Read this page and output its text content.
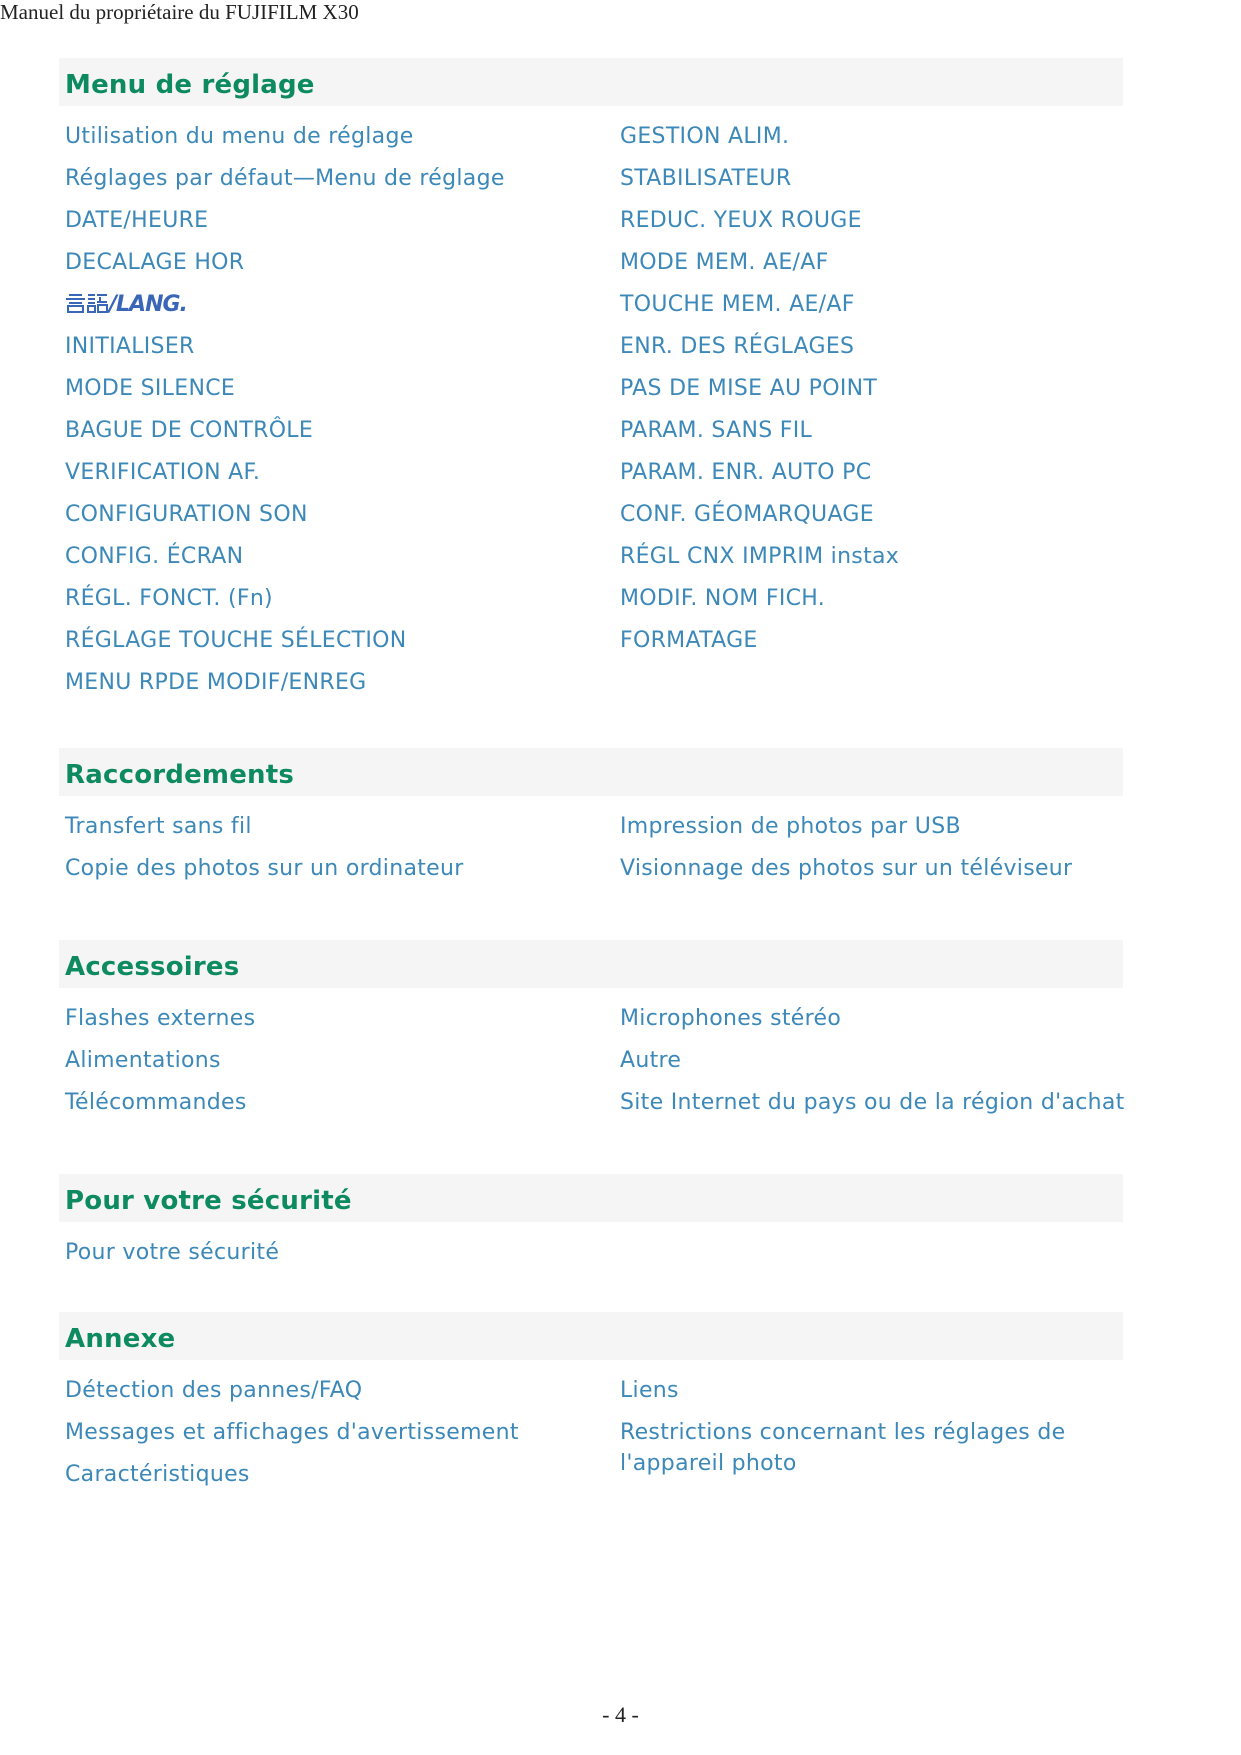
Manuel du propriétaire du FUJIFILM X30
Menu de réglage
Utilisation du menu de réglage
Réglages par défaut—Menu de réglage
DATE/HEURE
DECALAGE HOR
/LANG.
INITIALISER
MODE SILENCE
BAGUE DE CONTRÔLE
VERIFICATION AF.
CONFIGURATION SON
CONFIG. ÉCRAN
RÉGL. FONCT. (Fn)
RÉGLAGE TOUCHE SÉLECTION
MENU RPDE MODIF/ENREG
GESTION ALIM.
STABILISATEUR
REDUC. YEUX ROUGE
MODE MEM. AE/AF
TOUCHE MEM. AE/AF
ENR. DES RÉGLAGES
PAS DE MISE AU POINT
PARAM. SANS FIL
PARAM. ENR. AUTO PC
CONF. GÉOMARQUAGE
RÉGL CNX IMPRIM instax
MODIF. NOM FICH.
FORMATAGE
Raccordements
Transfert sans fil
Copie des photos sur un ordinateur
Impression de photos par USB
Visionnage des photos sur un téléviseur
Accessoires
Flashes externes
Alimentations
Télécommandes
Microphones stéréo
Autre
Site Internet du pays ou de la région d'achat
Pour votre sécurité
Pour votre sécurité
Annexe
Détection des pannes/FAQ
Messages et affichages d'avertissement
Caractéristiques
Liens
Restrictions concernant les réglages de l'appareil photo
- 4 -
